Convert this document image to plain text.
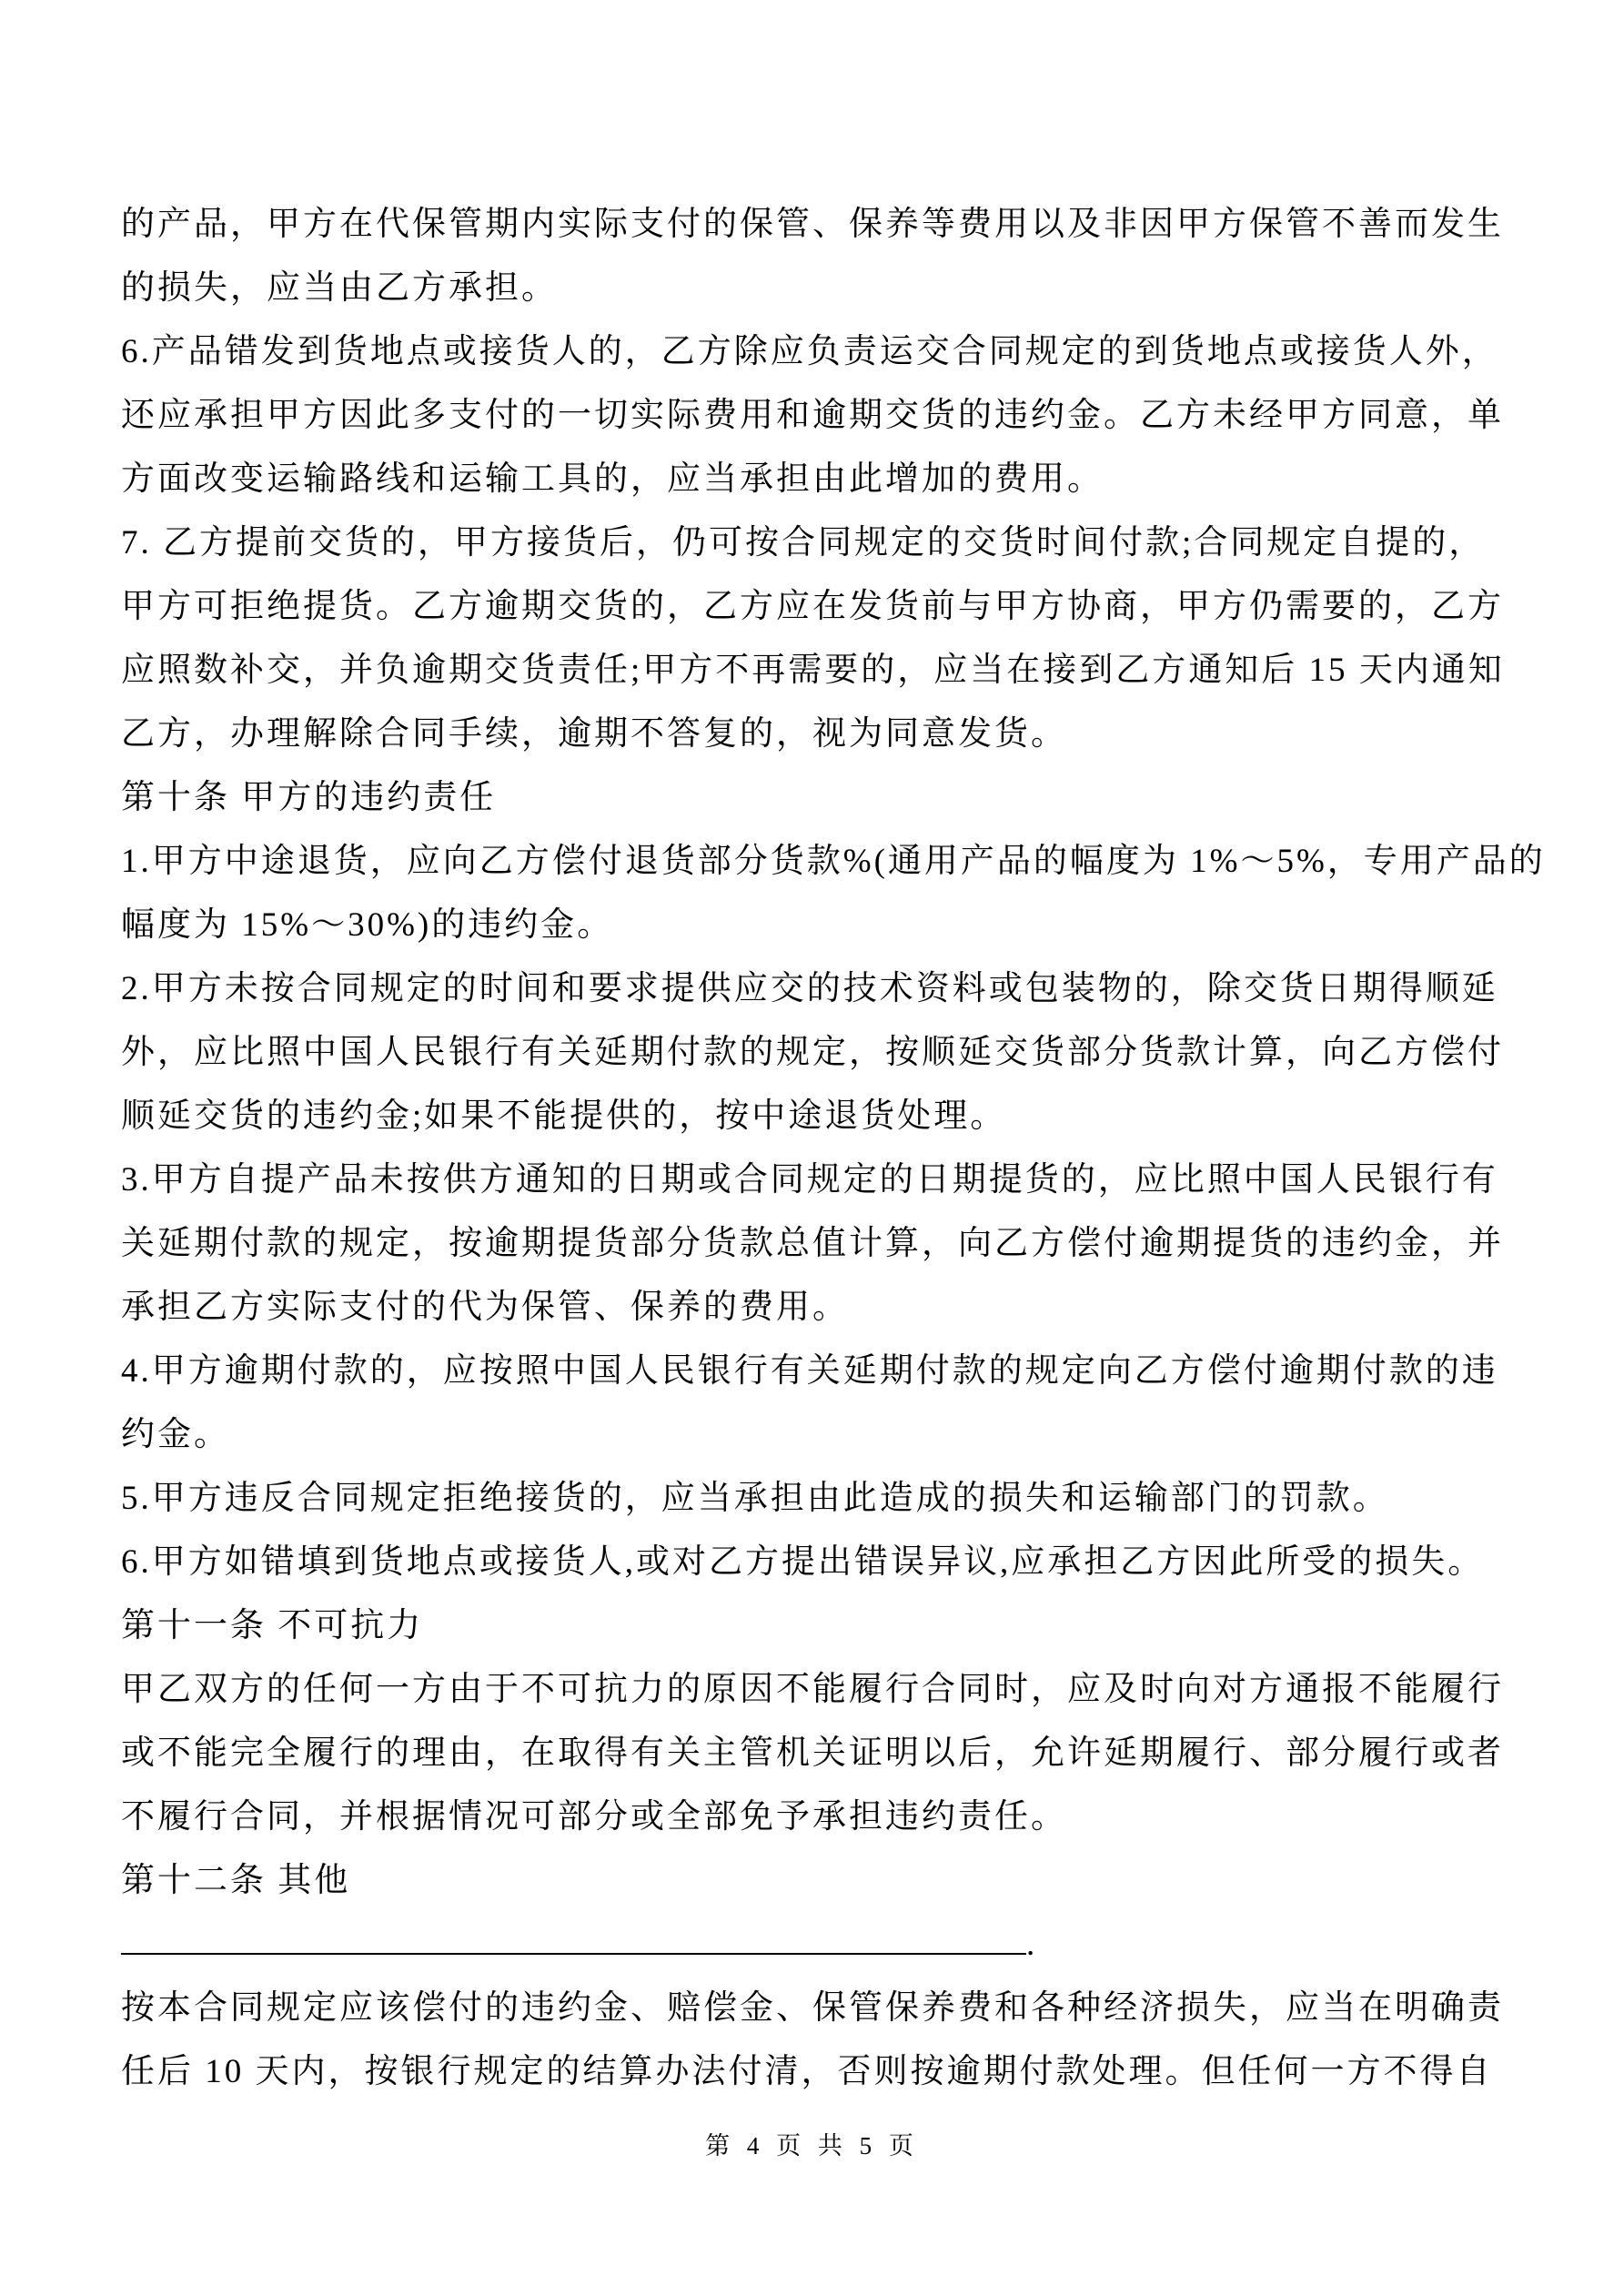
的产品，甲方在代保管期内实际支付的保管、保养等费用以及非因甲方保管不善而发生
的损失，应当由乙方承担。
6.产品错发到货地点或接货人的，乙方除应负责运交合同规定的到货地点或接货人外，
还应承担甲方因此多支付的一切实际费用和逾期交货的违约金。乙方未经甲方同意，单
方面改变运输路线和运输工具的，应当承担由此增加的费用。
7. 乙方提前交货的，甲方接货后，仍可按合同规定的交货时间付款;合同规定自提的，
甲方可拒绝提货。乙方逾期交货的，乙方应在发货前与甲方协商，甲方仍需要的，乙方
应照数补交，并负逾期交货责任;甲方不再需要的，应当在接到乙方通知后 15 天内通知
乙方，办理解除合同手续，逾期不答复的，视为同意发货。
第十条 甲方的违约责任
1.甲方中途退货，应向乙方偿付退货部分货款%(通用产品的幅度为 1%～5%，专用产品的
幅度为 15%～30%)的违约金。
2.甲方未按合同规定的时间和要求提供应交的技术资料或包装物的，除交货日期得顺延
外，应比照中国人民银行有关延期付款的规定，按顺延交货部分货款计算，向乙方偿付
顺延交货的违约金;如果不能提供的，按中途退货处理。
3.甲方自提产品未按供方通知的日期或合同规定的日期提货的，应比照中国人民银行有
关延期付款的规定，按逾期提货部分货款总值计算，向乙方偿付逾期提货的违约金，并
承担乙方实际支付的代为保管、保养的费用。
4.甲方逾期付款的，应按照中国人民银行有关延期付款的规定向乙方偿付逾期付款的违
约金。
5.甲方违反合同规定拒绝接货的，应当承担由此造成的损失和运输部门的罚款。
6.甲方如错填到货地点或接货人,或对乙方提出错误异议,应承担乙方因此所受的损失。
第十一条 不可抗力
甲乙双方的任何一方由于不可抗力的原因不能履行合同时，应及时向对方通报不能履行
或不能完全履行的理由，在取得有关主管机关证明以后，允许延期履行、部分履行或者
不履行合同，并根据情况可部分或全部免予承担违约责任。
第十二条 其他
.
按本合同规定应该偿付的违约金、赔偿金、保管保养费和各种经济损失，应当在明确责
任后 10 天内，按银行规定的结算办法付清，否则按逾期付款处理。但任何一方不得自
第 4 页 共 5 页
